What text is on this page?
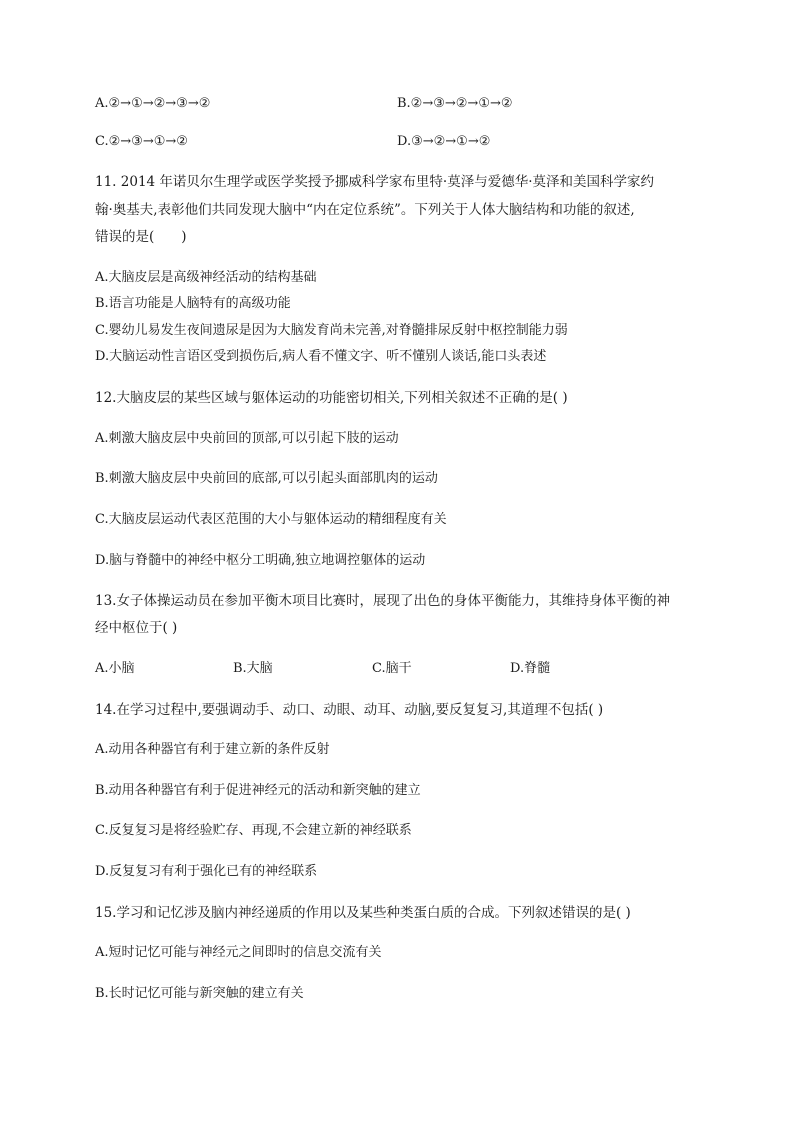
A.②→①→②→③→②	B.②→③→②→①→②
C.②→③→①→②	D.③→②→①→②
11. 2014 年诺贝尔生理学或医学奖授予挪威科学家布里特·莫泽与爱德华·莫泽和美国科学家约
翰·奥基夫,表彰他们共同发现大脑中“内在定位系统”。下列关于人体大脑结构和功能的叙述,
错误的是(　　)
A.大脑皮层是高级神经活动的结构基础
B.语言功能是人脑特有的高级功能
C.婴幼儿易发生夜间遗尿是因为大脑发育尚未完善,对脊髓排尿反射中枢控制能力弱
D.大脑运动性言语区受到损伤后,病人看不懂文字、听不懂别人谈话,能口头表述
12.大脑皮层的某些区域与躯体运动的功能密切相关,下列相关叙述不正确的是( )
A.刺激大脑皮层中央前回的顶部,可以引起下肢的运动
B.刺激大脑皮层中央前回的底部,可以引起头面部肌肉的运动
C.大脑皮层运动代表区范围的大小与躯体运动的精细程度有关
D.脑与脊髓中的神经中枢分工明确,独立地调控躯体的运动
13.女子体操运动员在参加平衡木项目比赛时，展现了出色的身体平衡能力，其维持身体平衡的神
经中枢位于( )
A.小脑	B.大脑	C.脑干	D.脊髓
14.在学习过程中,要强调动手、动口、动眼、动耳、动脑,要反复复习,其道理不包括( )
A.动用各种器官有利于建立新的条件反射
B.动用各种器官有利于促进神经元的活动和新突触的建立
C.反复复习是将经验贮存、再现,不会建立新的神经联系
D.反复复习有利于强化已有的神经联系
15.学习和记忆涉及脑内神经递质的作用以及某些种类蛋白质的合成。下列叙述错误的是( )
A.短时记忆可能与神经元之间即时的信息交流有关
B.长时记忆可能与新突触的建立有关
